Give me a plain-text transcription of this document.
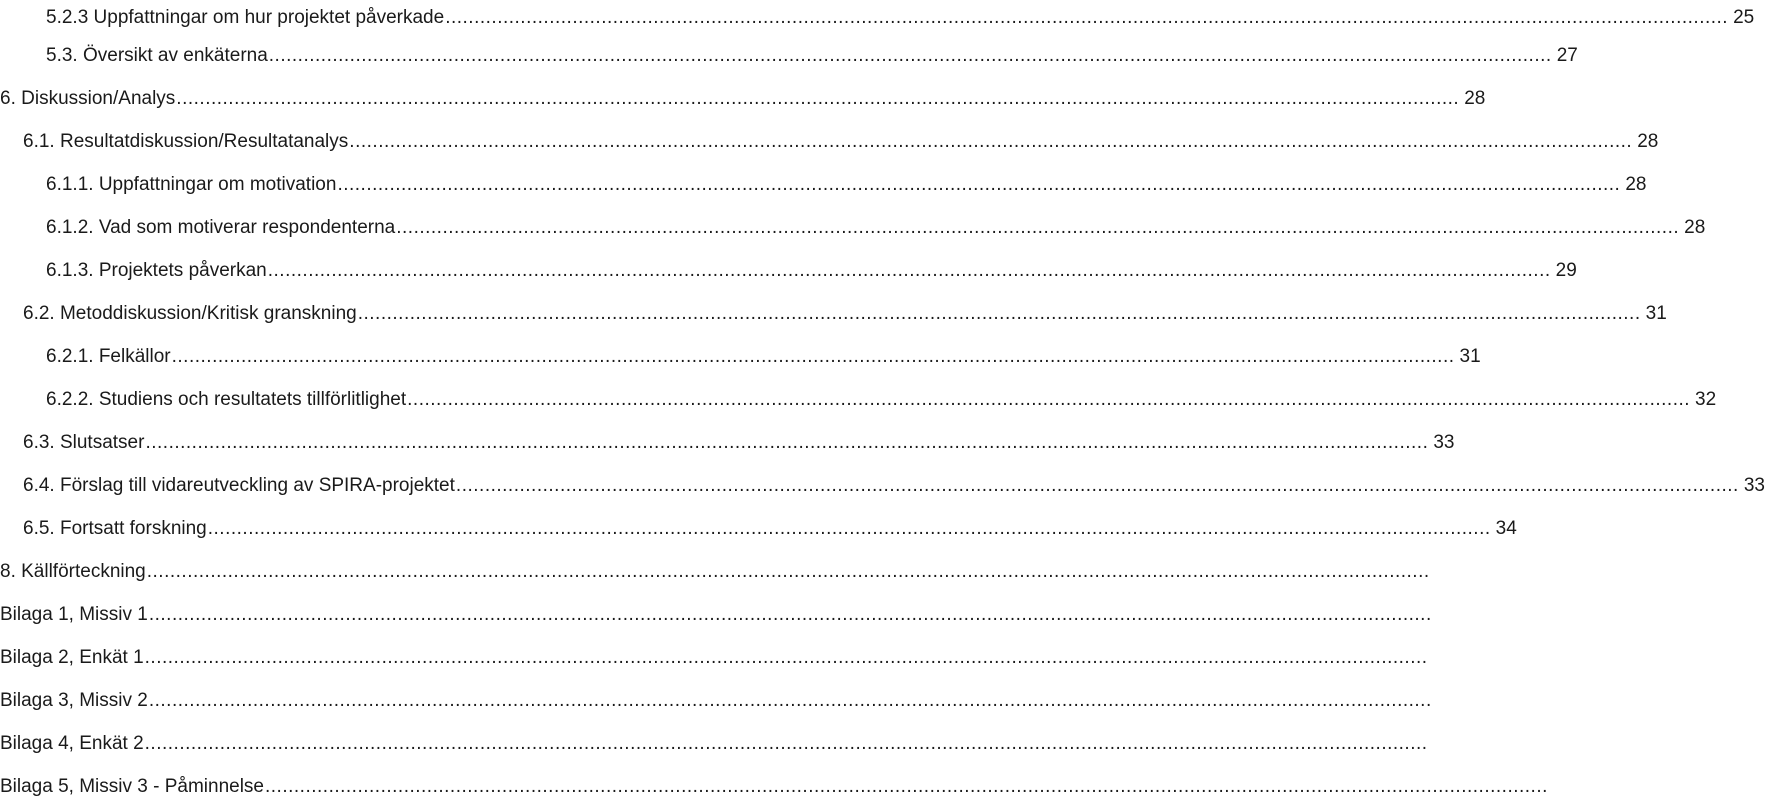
5.2.3 Uppfattningar om hur projektet påverkade .............................................................................................................................................................................................................................. 25
5.3. Översikt av enkäterna .............................................................................................................................................................................................................................. 27
6. Diskussion/Analys .............................................................................................................................................................................................................................. 28
6.1. Resultatdiskussion/Resultatanalys .............................................................................................................................................................................................................................. 28
6.1.1. Uppfattningar om motivation .............................................................................................................................................................................................................................. 28
6.1.2. Vad som motiverar respondenterna .............................................................................................................................................................................................................................. 28
6.1.3. Projektets påverkan .............................................................................................................................................................................................................................. 29
6.2. Metoddiskussion/Kritisk granskning .............................................................................................................................................................................................................................. 31
6.2.1. Felkällor .............................................................................................................................................................................................................................. 31
6.2.2. Studiens och resultatets tillförlitlighet .............................................................................................................................................................................................................................. 32
6.3. Slutsatser .............................................................................................................................................................................................................................. 33
6.4. Förslag till vidareutveckling av SPIRA-projektet .............................................................................................................................................................................................................................. 33
6.5. Fortsatt forskning .............................................................................................................................................................................................................................. 34
8. Källförteckning ..............................................................................................................................................................................................................................
Bilaga 1, Missiv 1 ..............................................................................................................................................................................................................................
Bilaga 2, Enkät 1 ..............................................................................................................................................................................................................................
Bilaga 3, Missiv 2 ..............................................................................................................................................................................................................................
Bilaga 4, Enkät 2 ..............................................................................................................................................................................................................................
Bilaga 5, Missiv 3 - Påminnelse ..............................................................................................................................................................................................................................
